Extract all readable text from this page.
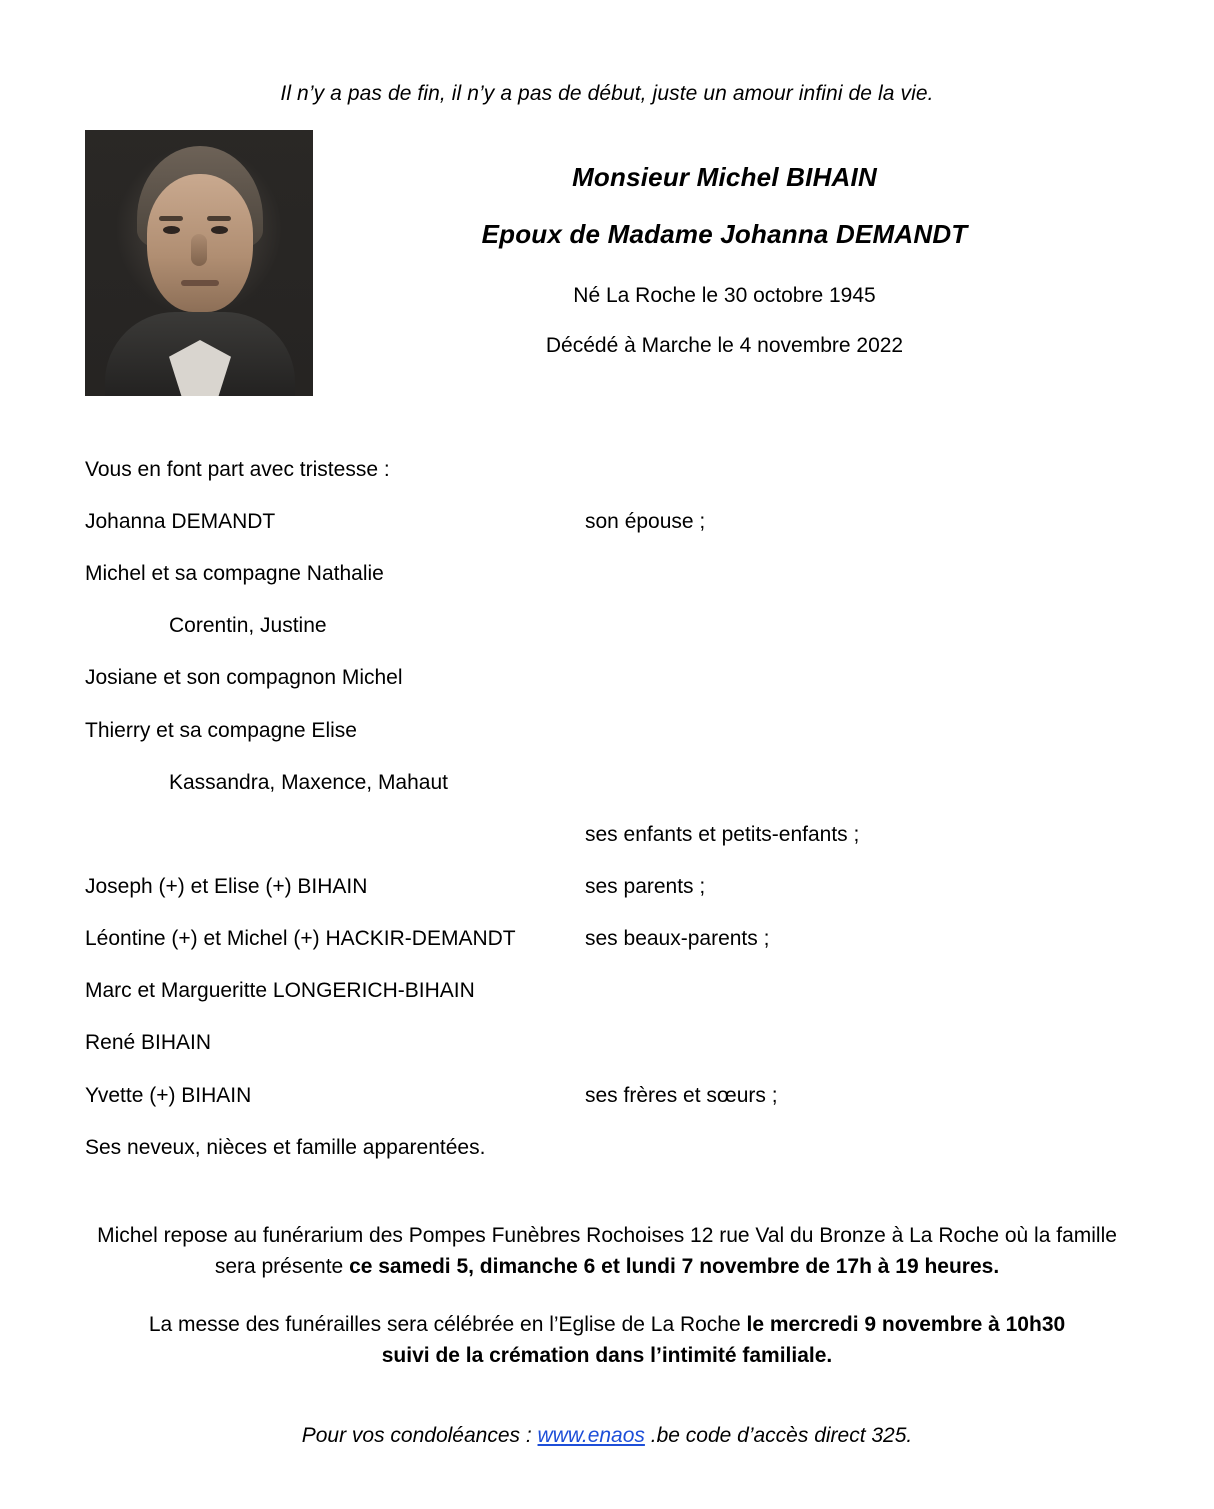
Il n’y a pas de fin, il n’y a pas de début, juste un amour infini de la vie.

Monsieur Michel BIHAIN
Epoux de Madame Johanna DEMANDT
Né La Roche le 30 octobre 1945
Décédé à Marche le 4 novembre 2022
Vous en font part avec tristesse :
Johanna DEMANDT	son épouse ;
Michel et sa compagne Nathalie
Corentin, Justine
Josiane et son compagnon Michel
Thierry et sa compagne Elise
Kassandra, Maxence, Mahaut
ses enfants et petits-enfants ;
Joseph (+) et Elise (+) BIHAIN	ses parents ;
Léontine (+) et Michel (+) HACKIR-DEMANDT	ses beaux-parents ;
Marc et Margueritte LONGERICH-BIHAIN
René BIHAIN
Yvette (+) BIHAIN	ses frères et sœurs ;
Ses neveux, nièces et famille apparentées.

Michel repose au funérarium des Pompes Funèbres Rochoises 12 rue Val du Bronze à La Roche où la famille sera présente ce samedi 5, dimanche 6 et lundi 7 novembre de 17h à 19 heures.

La messe des funérailles sera célébrée en l’Eglise de La Roche le mercredi 9 novembre à 10h30
suivi de la crémation dans l’intimité familiale.

Pour vos condoléances : www.enaos .be code d’accès direct 325.
